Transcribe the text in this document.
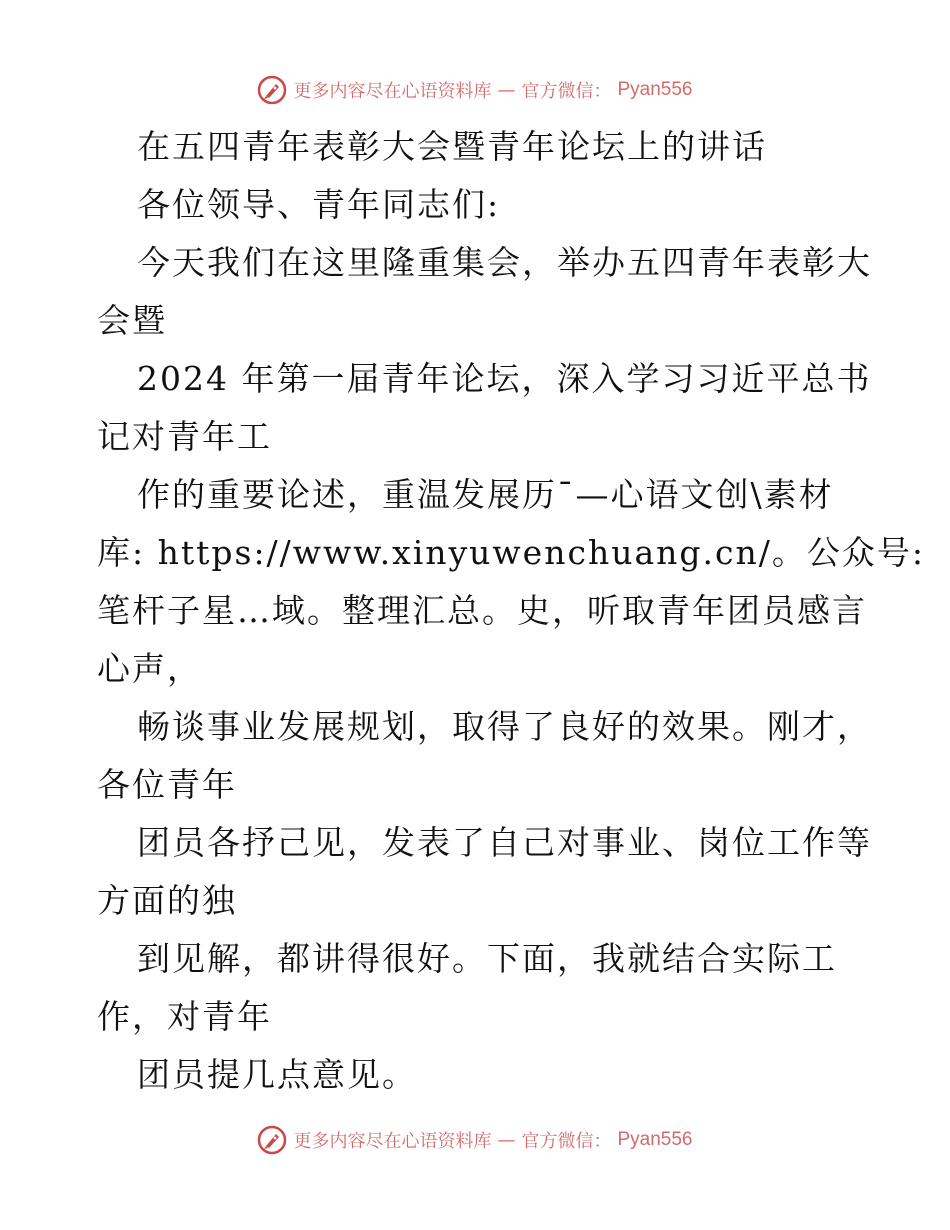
更多内容尽在心语资料库 — 官方微信： Pyan556
在五四青年表彰大会暨青年论坛上的讲话
各位领导、青年同志们:
今天我们在这里隆重集会，举办五四青年表彰大
会暨
2024 年第一届青年论坛，深入学习习近平总书
记对青年工
作的重要论述，重温发展历¯—心语文创\素材
库: https://www.xinyuwenchuang.cn/。公众号:
笔杆子星…域。整理汇总。史，听取青年团员感言
心声，
畅谈事业发展规划，取得了良好的效果。刚才，
各位青年
团员各抒己见，发表了自己对事业、岗位工作等
方面的独
到见解，都讲得很好。下面，我就结合实际工
作，对青年
团员提几点意见。
更多内容尽在心语资料库 — 官方微信： Pyan556
